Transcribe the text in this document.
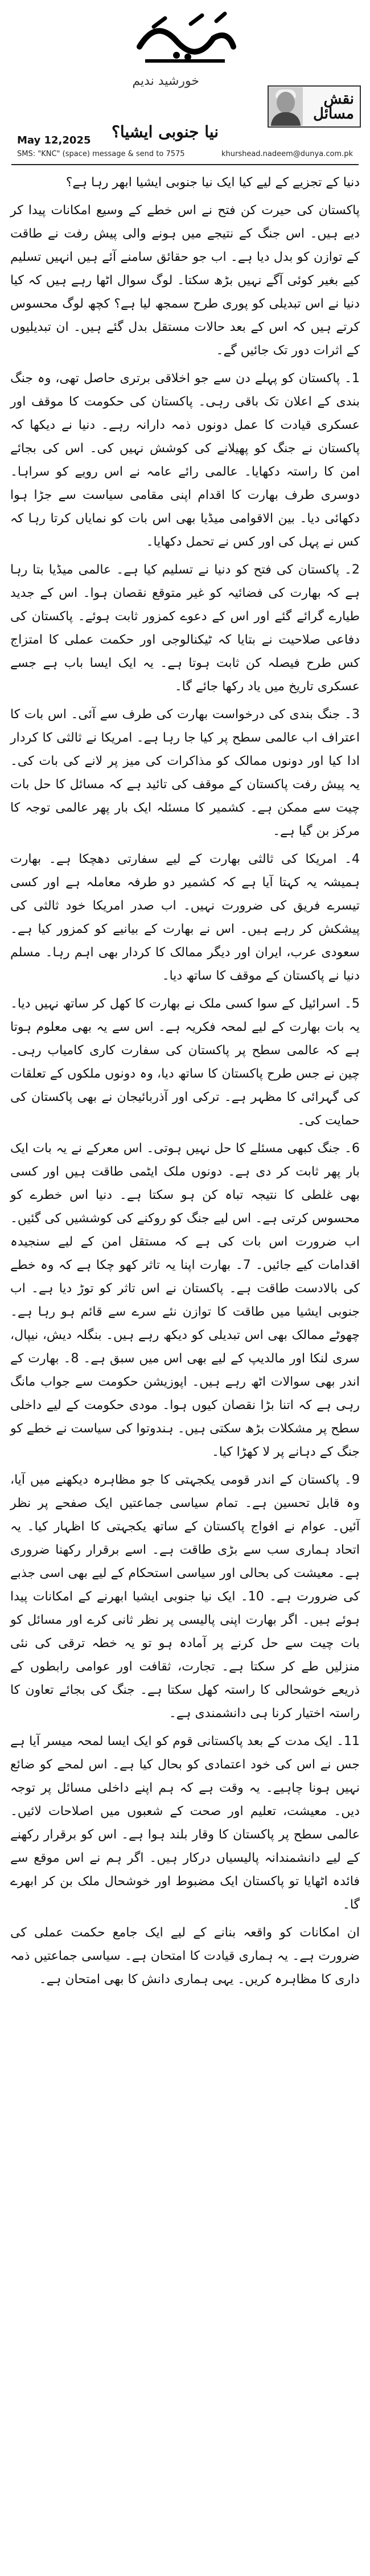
خورشید ندیم
نقش
مسائل
نیا جنوبی ایشیا؟
May 12,2025
SMS: "KNC" (space) message & send to 7575	khurshead.nadeem@dunya.com.pk

دنیا کے تجزیے کے لیے کیا ایک نیا جنوبی ایشیا ابھر رہا ہے؟

پاکستان کی حیرت کن فتح نے اس خطے کے وسیع امکانات پیدا کر دیے ہیں۔ اس جنگ کے نتیجے میں ہونے والی پیش رفت نے طاقت کے توازن کو بدل دیا ہے۔ اب جو حقائق سامنے آئے ہیں انہیں تسلیم کیے بغیر کوئی آگے نہیں بڑھ سکتا۔ لوگ سوال اٹھا رہے ہیں کہ کیا دنیا نے اس تبدیلی کو پوری طرح سمجھ لیا ہے؟ کچھ لوگ محسوس کرتے ہیں کہ اس کے بعد حالات مستقل بدل گئے ہیں۔ ان تبدیلیوں کے اثرات دور تک جائیں گے۔

1۔ پاکستان کو پہلے دن سے جو اخلاقی برتری حاصل تھی، وہ جنگ بندی کے اعلان تک باقی رہی۔ پاکستان کی حکومت کا موقف اور عسکری قیادت کا عمل دونوں ذمہ دارانہ رہے۔ دنیا نے دیکھا کہ پاکستان نے جنگ کو پھیلانے کی کوشش نہیں کی۔ اس کی بجائے امن کا راستہ دکھایا۔ عالمی رائے عامہ نے اس رویے کو سراہا۔ دوسری طرف بھارت کا اقدام اپنی مقامی سیاست سے جڑا ہوا دکھائی دیا۔ بین الاقوامی میڈیا بھی اس بات کو نمایاں کرتا رہا کہ کس نے پہل کی اور کس نے تحمل دکھایا۔

2۔ پاکستان کی فتح کو دنیا نے تسلیم کیا ہے۔ عالمی میڈیا بتا رہا ہے کہ بھارت کی فضائیہ کو غیر متوقع نقصان ہوا۔ اس کے جدید طیارے گرائے گئے اور اس کے دعوے کمزور ثابت ہوئے۔ پاکستان کی دفاعی صلاحیت نے بتایا کہ ٹیکنالوجی اور حکمت عملی کا امتزاج کس طرح فیصلہ کن ثابت ہوتا ہے۔ یہ ایک ایسا باب ہے جسے عسکری تاریخ میں یاد رکھا جائے گا۔

3۔ جنگ بندی کی درخواست بھارت کی طرف سے آئی۔ اس بات کا اعتراف اب عالمی سطح پر کیا جا رہا ہے۔ امریکا نے ثالثی کا کردار ادا کیا اور دونوں ممالک کو مذاکرات کی میز پر لانے کی بات کی۔ یہ پیش رفت پاکستان کے موقف کی تائید ہے کہ مسائل کا حل بات چیت سے ممکن ہے۔ کشمیر کا مسئلہ ایک بار پھر عالمی توجہ کا مرکز بن گیا ہے۔

4۔ امریکا کی ثالثی بھارت کے لیے سفارتی دھچکا ہے۔ بھارت ہمیشہ یہ کہتا آیا ہے کہ کشمیر دو طرفہ معاملہ ہے اور کسی تیسرے فریق کی ضرورت نہیں۔ اب صدر امریکا خود ثالثی کی پیشکش کر رہے ہیں۔ اس نے بھارت کے بیانیے کو کمزور کیا ہے۔ سعودی عرب، ایران اور دیگر ممالک کا کردار بھی اہم رہا۔ مسلم دنیا نے پاکستان کے موقف کا ساتھ دیا۔

5۔ اسرائیل کے سوا کسی ملک نے بھارت کا کھل کر ساتھ نہیں دیا۔ یہ بات بھارت کے لیے لمحہ فکریہ ہے۔ اس سے یہ بھی معلوم ہوتا ہے کہ عالمی سطح پر پاکستان کی سفارت کاری کامیاب رہی۔ چین نے جس طرح پاکستان کا ساتھ دیا، وہ دونوں ملکوں کے تعلقات کی گہرائی کا مظہر ہے۔ ترکی اور آذربائیجان نے بھی پاکستان کی حمایت کی۔

6۔ جنگ کبھی مسئلے کا حل نہیں ہوتی۔ اس معرکے نے یہ بات ایک بار پھر ثابت کر دی ہے۔ دونوں ملک ایٹمی طاقت ہیں اور کسی بھی غلطی کا نتیجہ تباہ کن ہو سکتا ہے۔ دنیا اس خطرے کو محسوس کرتی ہے۔ اس لیے جنگ کو روکنے کی کوششیں کی گئیں۔ اب ضرورت اس بات کی ہے کہ مستقل امن کے لیے سنجیدہ اقدامات کیے جائیں۔ 7۔ بھارت اپنا یہ تاثر کھو چکا ہے کہ وہ خطے کی بالادست طاقت ہے۔ پاکستان نے اس تاثر کو توڑ دیا ہے۔ اب جنوبی ایشیا میں طاقت کا توازن نئے سرے سے قائم ہو رہا ہے۔ چھوٹے ممالک بھی اس تبدیلی کو دیکھ رہے ہیں۔ بنگلہ دیش، نیپال، سری لنکا اور مالدیپ کے لیے بھی اس میں سبق ہے۔ 8۔ بھارت کے اندر بھی سوالات اٹھ رہے ہیں۔ اپوزیشن حکومت سے جواب مانگ رہی ہے کہ اتنا بڑا نقصان کیوں ہوا۔ مودی حکومت کے لیے داخلی سطح پر مشکلات بڑھ سکتی ہیں۔ ہندوتوا کی سیاست نے خطے کو جنگ کے دہانے پر لا کھڑا کیا۔

9۔ پاکستان کے اندر قومی یکجہتی کا جو مظاہرہ دیکھنے میں آیا، وہ قابل تحسین ہے۔ تمام سیاسی جماعتیں ایک صفحے پر نظر آئیں۔ عوام نے افواج پاکستان کے ساتھ یکجہتی کا اظہار کیا۔ یہ اتحاد ہماری سب سے بڑی طاقت ہے۔ اسے برقرار رکھنا ضروری ہے۔ معیشت کی بحالی اور سیاسی استحکام کے لیے بھی اسی جذبے کی ضرورت ہے۔ 10۔ ایک نیا جنوبی ایشیا ابھرنے کے امکانات پیدا ہوئے ہیں۔ اگر بھارت اپنی پالیسی پر نظر ثانی کرے اور مسائل کو بات چیت سے حل کرنے پر آمادہ ہو تو یہ خطہ ترقی کی نئی منزلیں طے کر سکتا ہے۔ تجارت، ثقافت اور عوامی رابطوں کے ذریعے خوشحالی کا راستہ کھل سکتا ہے۔ جنگ کی بجائے تعاون کا راستہ اختیار کرنا ہی دانشمندی ہے۔

11۔ ایک مدت کے بعد پاکستانی قوم کو ایک ایسا لمحہ میسر آیا ہے جس نے اس کی خود اعتمادی کو بحال کیا ہے۔ اس لمحے کو ضائع نہیں ہونا چاہیے۔ یہ وقت ہے کہ ہم اپنے داخلی مسائل پر توجہ دیں۔ معیشت، تعلیم اور صحت کے شعبوں میں اصلاحات لائیں۔ عالمی سطح پر پاکستان کا وقار بلند ہوا ہے۔ اس کو برقرار رکھنے کے لیے دانشمندانہ پالیسیاں درکار ہیں۔ اگر ہم نے اس موقع سے فائدہ اٹھایا تو پاکستان ایک مضبوط اور خوشحال ملک بن کر ابھرے گا۔

ان امکانات کو واقعہ بنانے کے لیے ایک جامع حکمت عملی کی ضرورت ہے۔ یہ ہماری قیادت کا امتحان ہے۔ سیاسی جماعتیں ذمہ داری کا مظاہرہ کریں۔ یہی ہماری دانش کا بھی امتحان ہے۔
